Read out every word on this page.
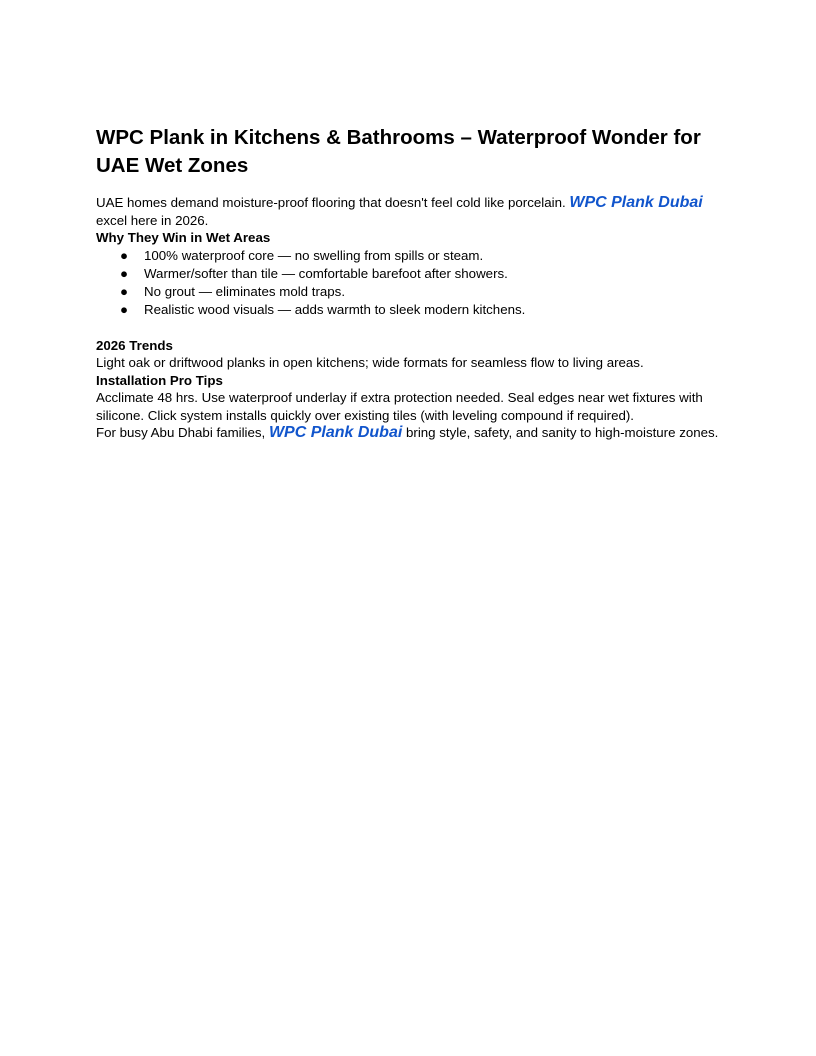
WPC Plank in Kitchens & Bathrooms – Waterproof Wonder for UAE Wet Zones

UAE homes demand moisture-proof flooring that doesn't feel cold like porcelain. WPC Plank Dubai excel here in 2026.

Why They Win in Wet Areas

● 100% waterproof core — no swelling from spills or steam.
● Warmer/softer than tile — comfortable barefoot after showers.
● No grout — eliminates mold traps.
● Realistic wood visuals — adds warmth to sleek modern kitchens.

2026 Trends

Light oak or driftwood planks in open kitchens; wide formats for seamless flow to living areas.

Installation Pro Tips

Acclimate 48 hrs. Use waterproof underlay if extra protection needed. Seal edges near wet fixtures with silicone. Click system installs quickly over existing tiles (with leveling compound if required).

For busy Abu Dhabi families, WPC Plank Dubai bring style, safety, and sanity to high-moisture zones.
